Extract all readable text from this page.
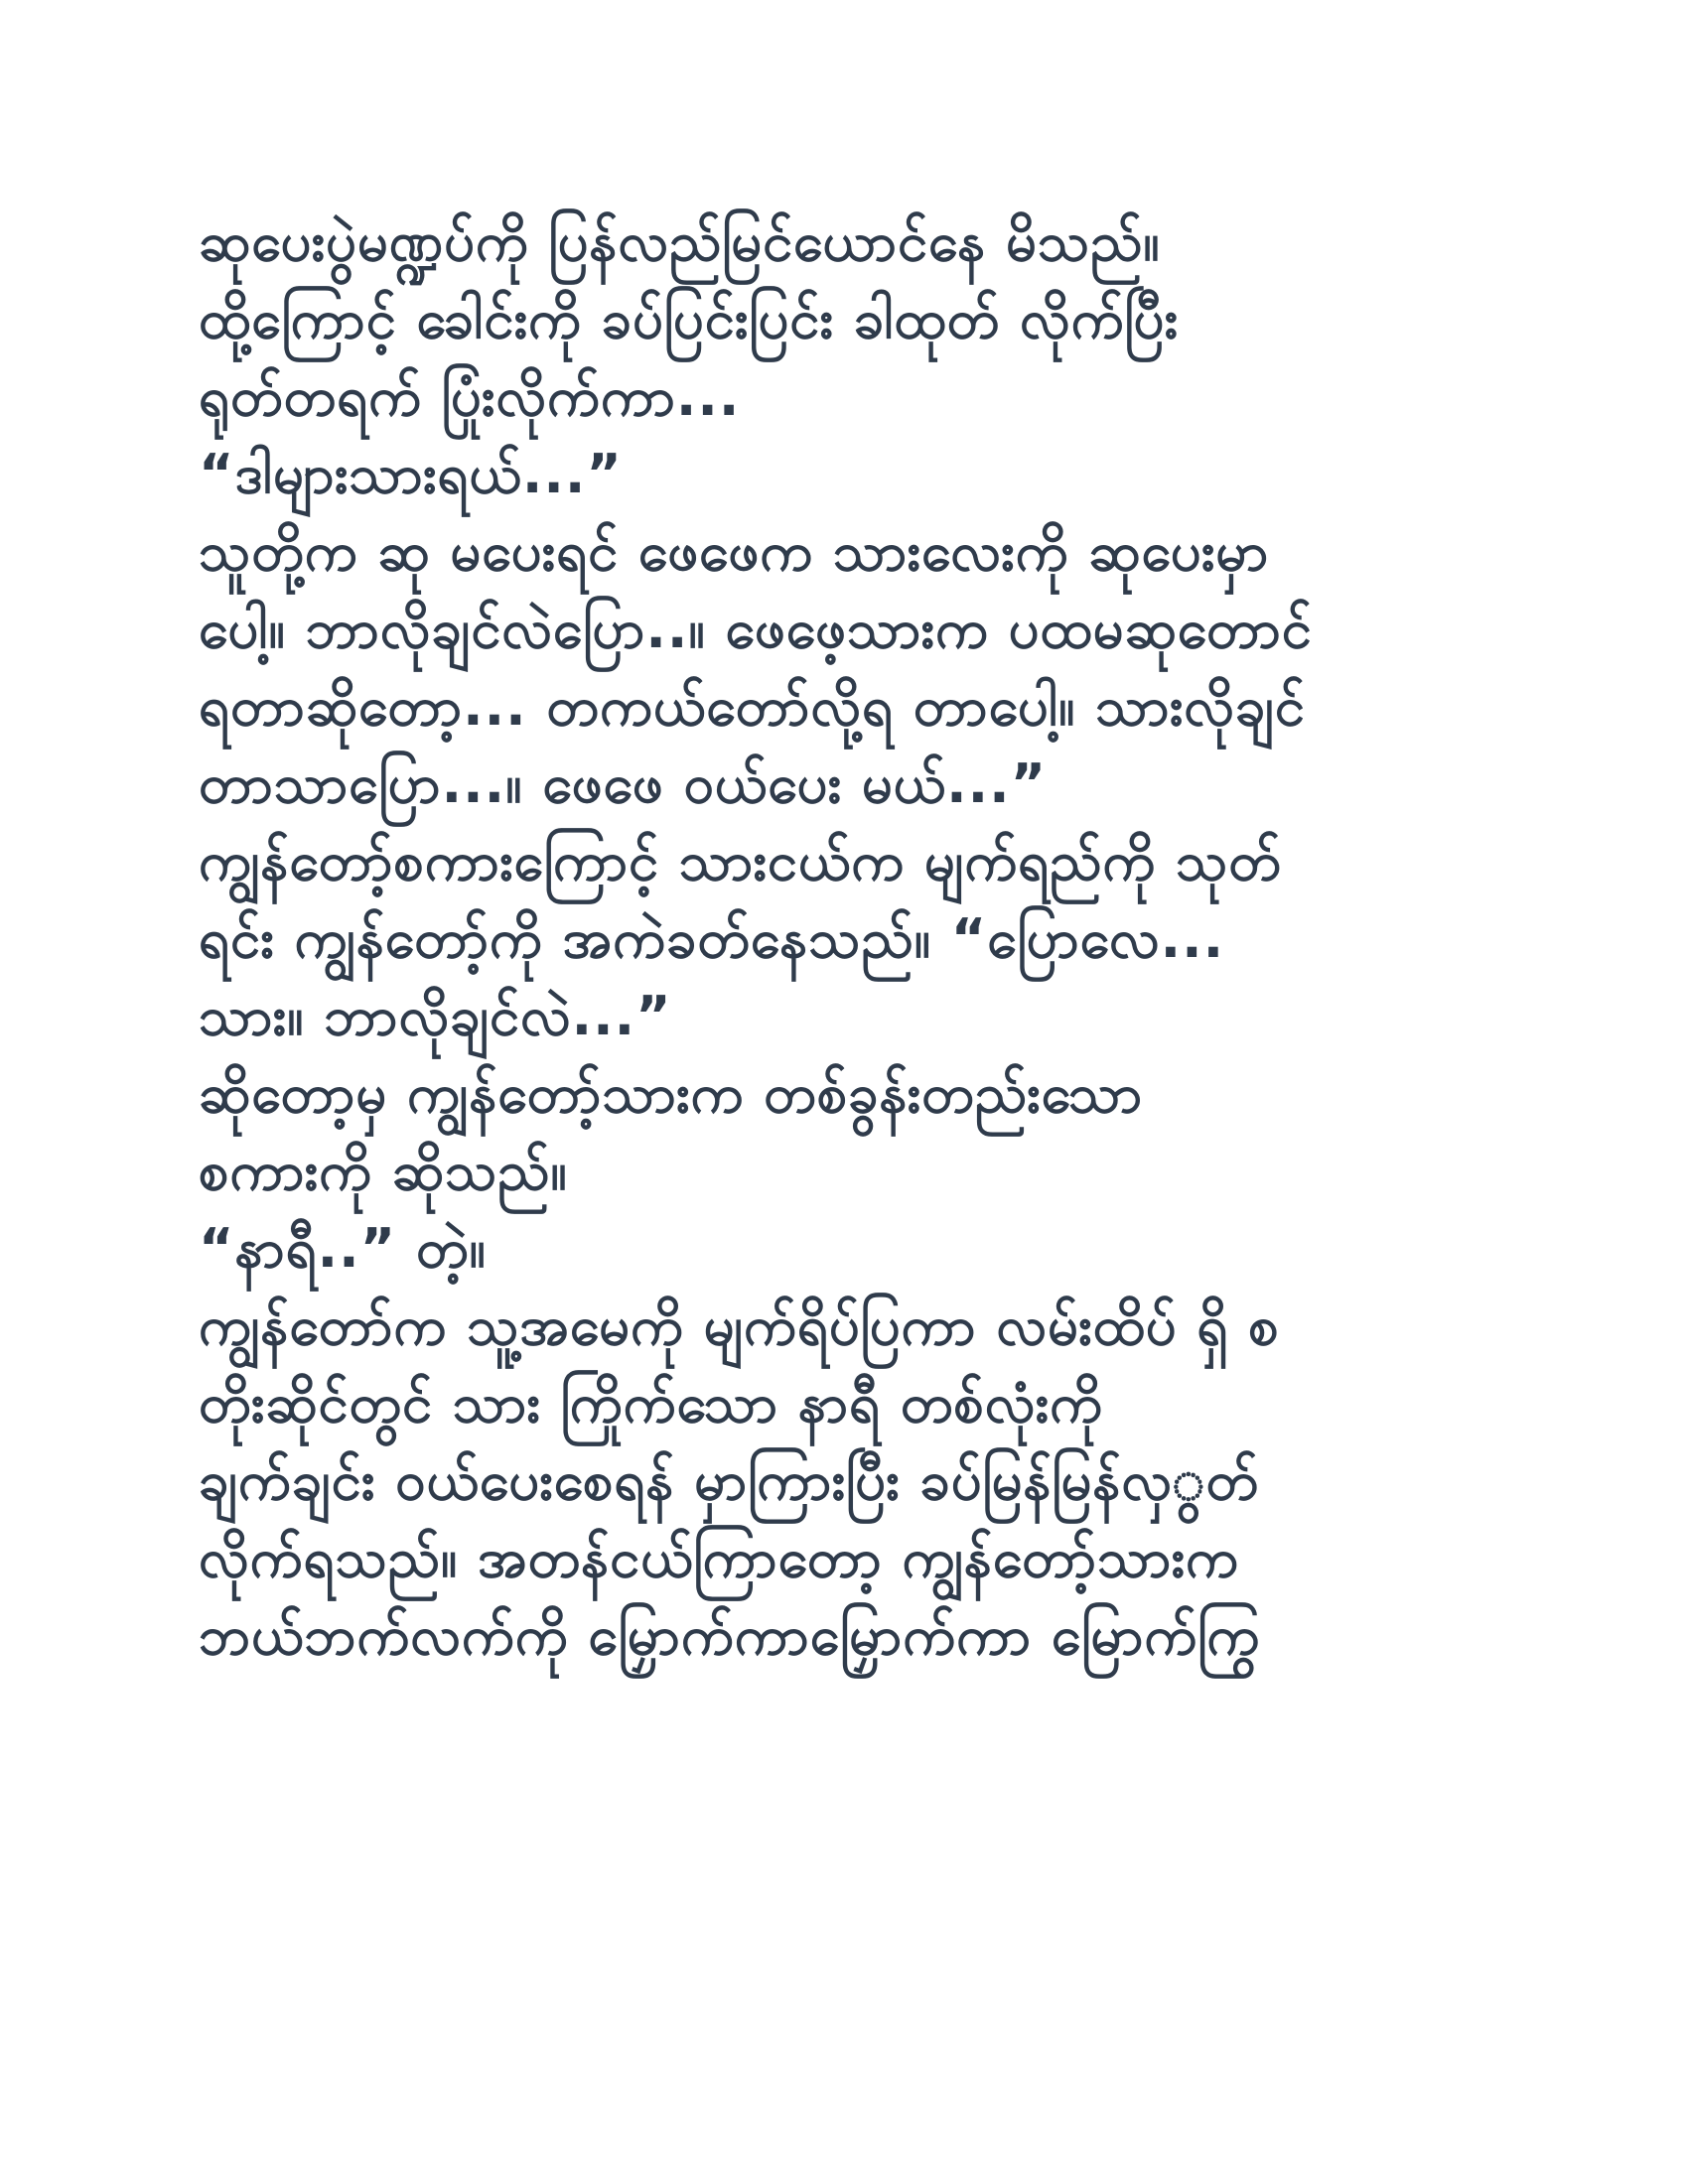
ဆုပေးပွဲမဏ္ဍပ်ကို ပြန်လည်မြင်ယောင်နေ မိသည်။
ထို့ကြောင့် ခေါင်းကို ခပ်ပြင်းပြင်း ခါထုတ် လိုက်ပြီး
ရုတ်တရက် ပြုံးလိုက်ကာ...
“ဒါများသားရယ်...”
သူတို့က ဆု မပေးရင် ဖေဖေက သားလေးကို ဆုပေးမှာ
ပေါ့။ ဘာလိုချင်လဲပြော..။ ဖေဖေ့သားက ပထမဆုတောင်
ရတာဆိုတော့... တကယ်တော်လို့ရ တာပေါ့။ သားလိုချင်
တာသာပြော...။ ဖေဖေ ဝယ်ပေး မယ်...”
ကျွန်တော့်စကားကြောင့် သားငယ်က မျက်ရည်ကို သုတ်
ရင်း ကျွန်တော့်ကို အကဲခတ်နေသည်။ “ပြောလေ...
သား။ ဘာလိုချင်လဲ...”
ဆိုတော့မှ ကျွန်တော့်သားက တစ်ခွန်းတည်းသော
စကားကို ဆိုသည်။
“နာရီ..” တဲ့။
ကျွန်တော်က သူ့အမေကို မျက်ရိပ်ပြကာ လမ်းထိပ် ရှိ စ
တိုးဆိုင်တွင် သား ကြိုက်သော နာရီ တစ်လုံးကို
ချက်ချင်း ဝယ်ပေးစေရန် မှာကြားပြီး ခပ်မြန်မြန်လှွတ်
လိုက်ရသည်။ အတန်ငယ်ကြာတော့ ကျွန်တော့်သားက
ဘယ်ဘက်လက်ကို မြှောက်ကာမြှောက်ကာ မြောက်ကြွ
